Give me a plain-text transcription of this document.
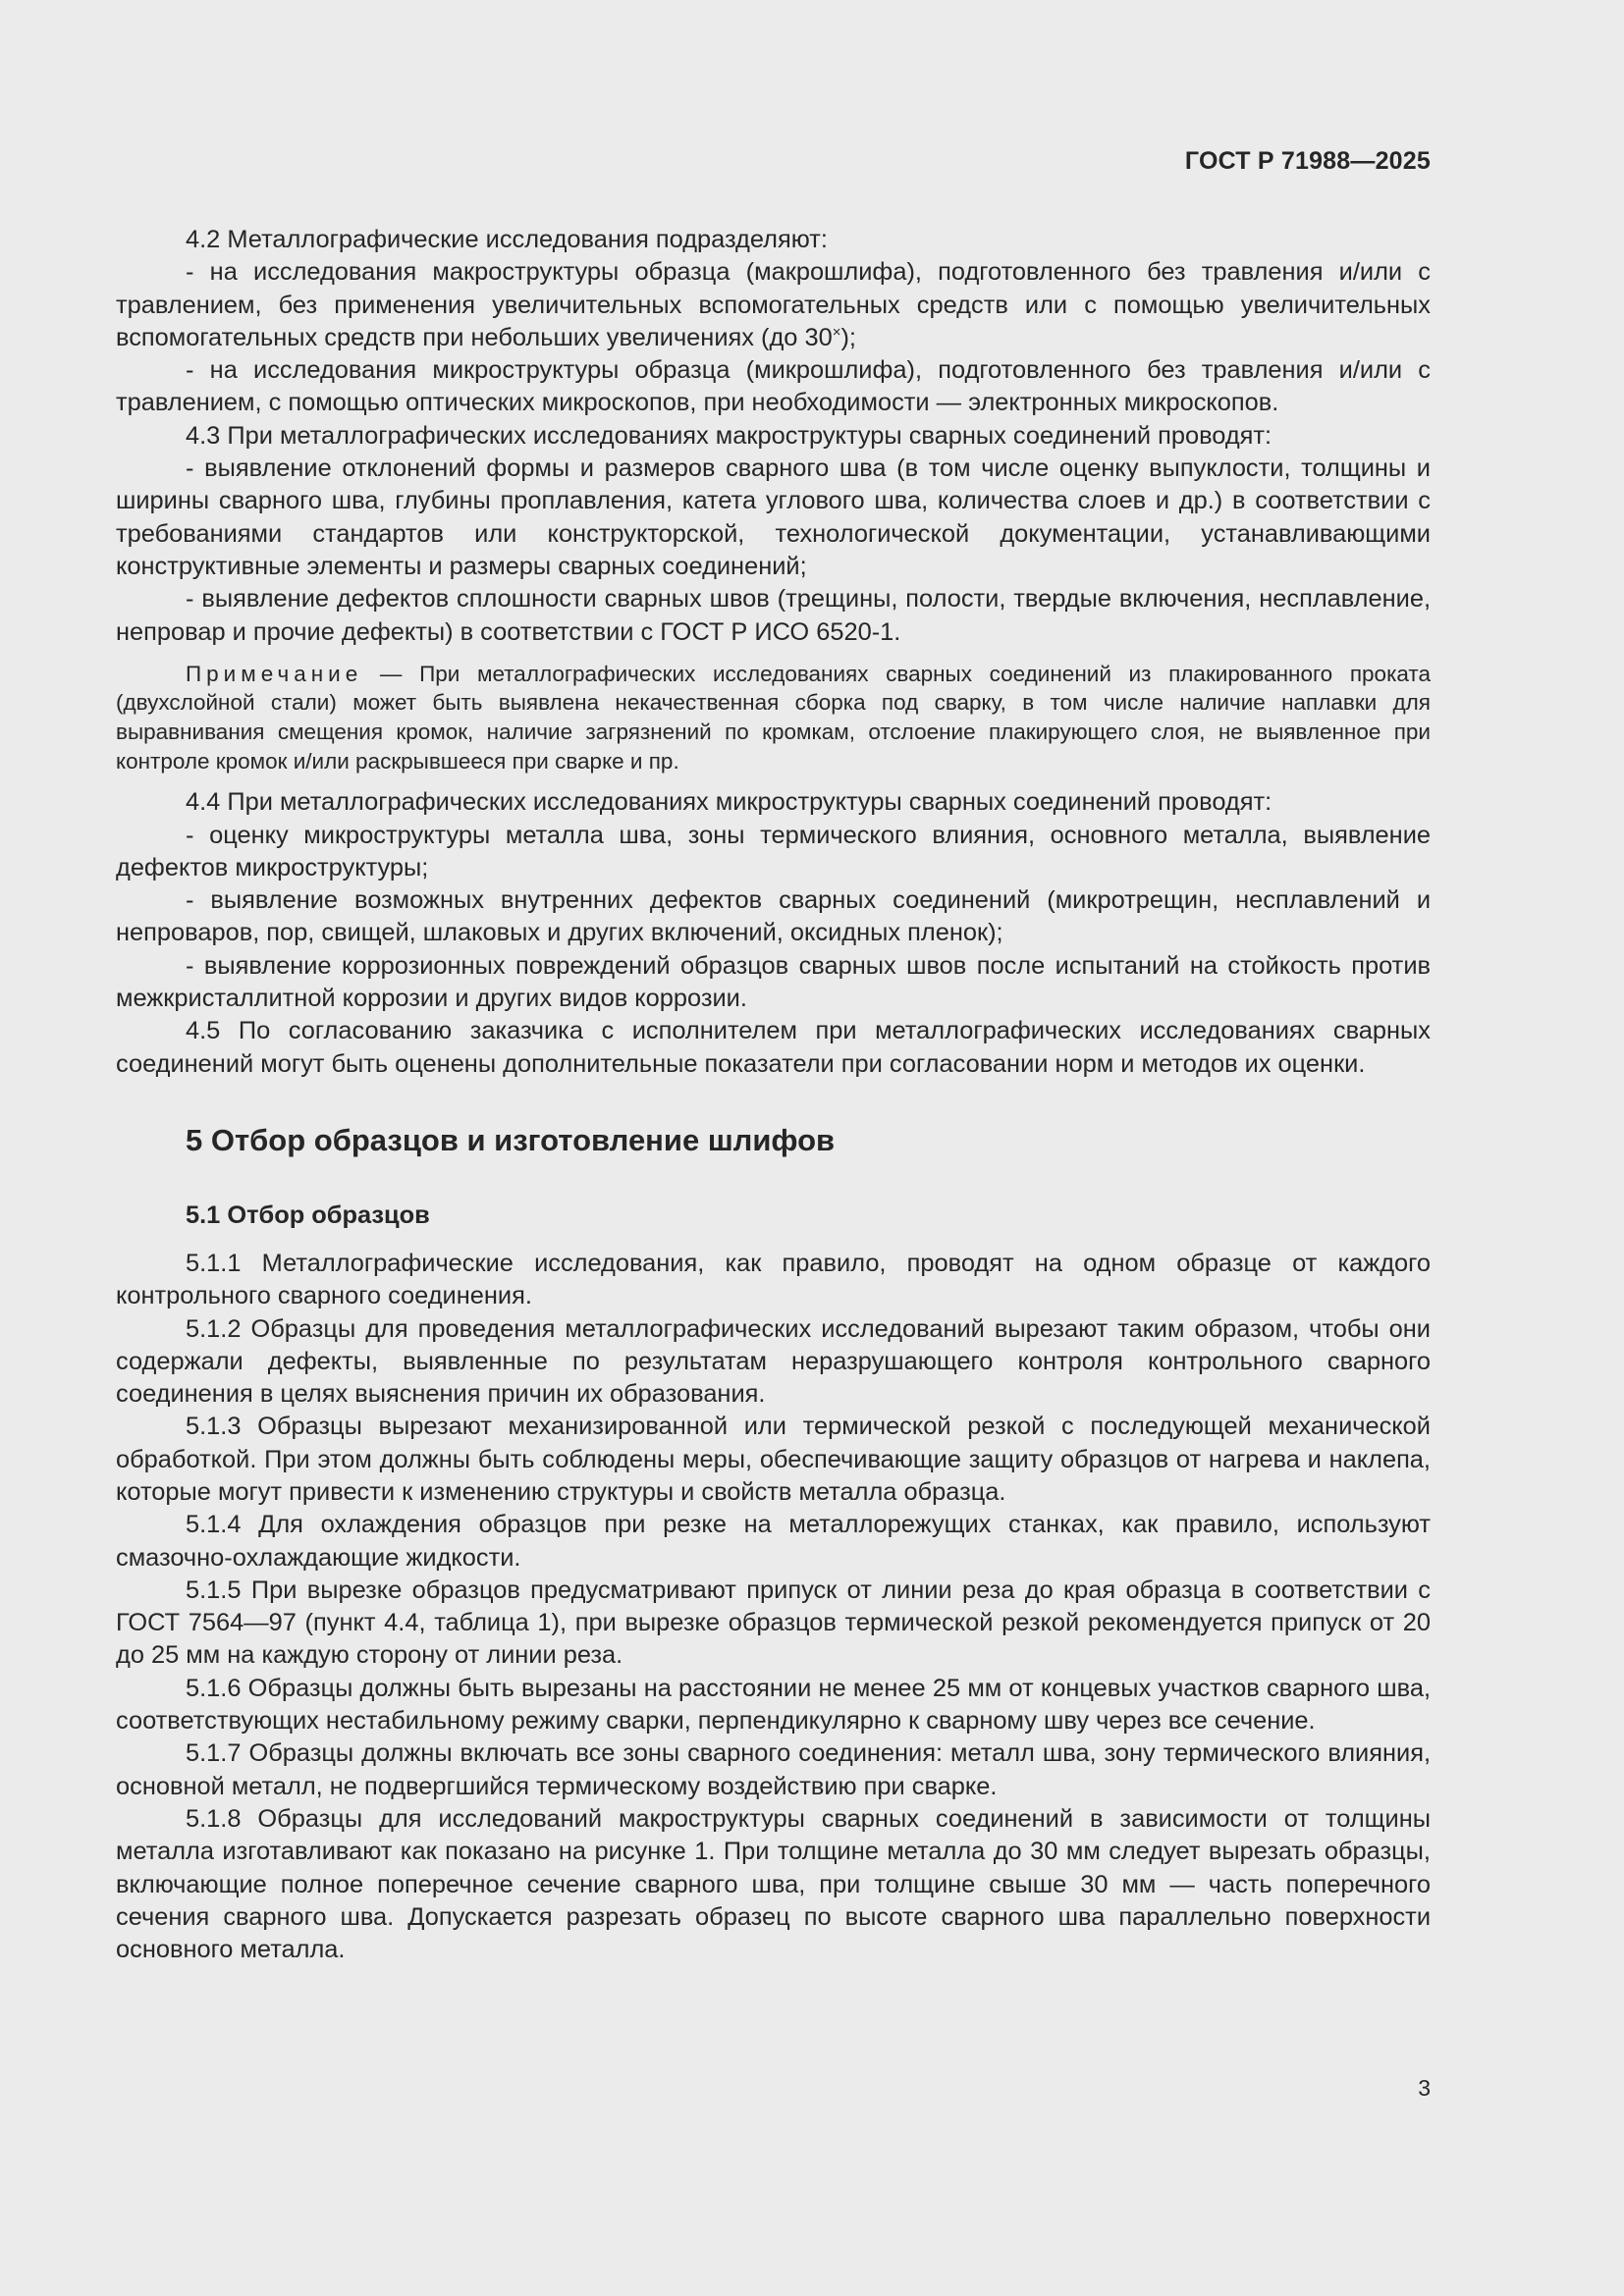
ГОСТ Р 71988—2025

4.2 Металлографические исследования подразделяют:

- на исследования макроструктуры образца (макрошлифа), подготовленного без травления и/или с травлением, без применения увеличительных вспомогательных средств или с помощью увеличительных вспомогательных средств при небольших увеличениях (до 30×);

- на исследования микроструктуры образца (микрошлифа), подготовленного без травления и/или с травлением, с помощью оптических микроскопов, при необходимости — электронных микроскопов.

4.3 При металлографических исследованиях макроструктуры сварных соединений проводят:

- выявление отклонений формы и размеров сварного шва (в том числе оценку выпуклости, толщины и ширины сварного шва, глубины проплавления, катета углового шва, количества слоев и др.) в соответствии с требованиями стандартов или конструкторской, технологической документации, устанавливающими конструктивные элементы и размеры сварных соединений;

- выявление дефектов сплошности сварных швов (трещины, полости, твердые включения, несплавление, непровар и прочие дефекты) в соответствии с ГОСТ Р ИСО 6520-1.

Примечание — При металлографических исследованиях сварных соединений из плакированного проката (двухслойной стали) может быть выявлена некачественная сборка под сварку, в том числе наличие наплавки для выравнивания смещения кромок, наличие загрязнений по кромкам, отслоение плакирующего слоя, не выявленное при контроле кромок и/или раскрывшееся при сварке и пр.

4.4 При металлографических исследованиях микроструктуры сварных соединений проводят:

- оценку микроструктуры металла шва, зоны термического влияния, основного металла, выявление дефектов микроструктуры;

- выявление возможных внутренних дефектов сварных соединений (микротрещин, несплавлений и непроваров, пор, свищей, шлаковых и других включений, оксидных пленок);

- выявление коррозионных повреждений образцов сварных швов после испытаний на стойкость против межкристаллитной коррозии и других видов коррозии.

4.5 По согласованию заказчика с исполнителем при металлографических исследованиях сварных соединений могут быть оценены дополнительные показатели при согласовании норм и методов их оценки.

5 Отбор образцов и изготовление шлифов
5.1 Отбор образцов

5.1.1 Металлографические исследования, как правило, проводят на одном образце от каждого контрольного сварного соединения.

5.1.2 Образцы для проведения металлографических исследований вырезают таким образом, чтобы они содержали дефекты, выявленные по результатам неразрушающего контроля контрольного сварного соединения в целях выяснения причин их образования.

5.1.3 Образцы вырезают механизированной или термической резкой с последующей механической обработкой. При этом должны быть соблюдены меры, обеспечивающие защиту образцов от нагрева и наклепа, которые могут привести к изменению структуры и свойств металла образца.

5.1.4 Для охлаждения образцов при резке на металлорежущих станках, как правило, используют смазочно-охлаждающие жидкости.

5.1.5 При вырезке образцов предусматривают припуск от линии реза до края образца в соответствии с ГОСТ 7564—97 (пункт 4.4, таблица 1), при вырезке образцов термической резкой рекомендуется припуск от 20 до 25 мм на каждую сторону от линии реза.

5.1.6 Образцы должны быть вырезаны на расстоянии не менее 25 мм от концевых участков сварного шва, соответствующих нестабильному режиму сварки, перпендикулярно к сварному шву через все сечение.

5.1.7 Образцы должны включать все зоны сварного соединения: металл шва, зону термического влияния, основной металл, не подвергшийся термическому воздействию при сварке.

5.1.8 Образцы для исследований макроструктуры сварных соединений в зависимости от толщины металла изготавливают как показано на рисунке 1. При толщине металла до 30 мм следует вырезать образцы, включающие полное поперечное сечение сварного шва, при толщине свыше 30 мм — часть поперечного сечения сварного шва. Допускается разрезать образец по высоте сварного шва параллельно поверхности основного металла.

3
